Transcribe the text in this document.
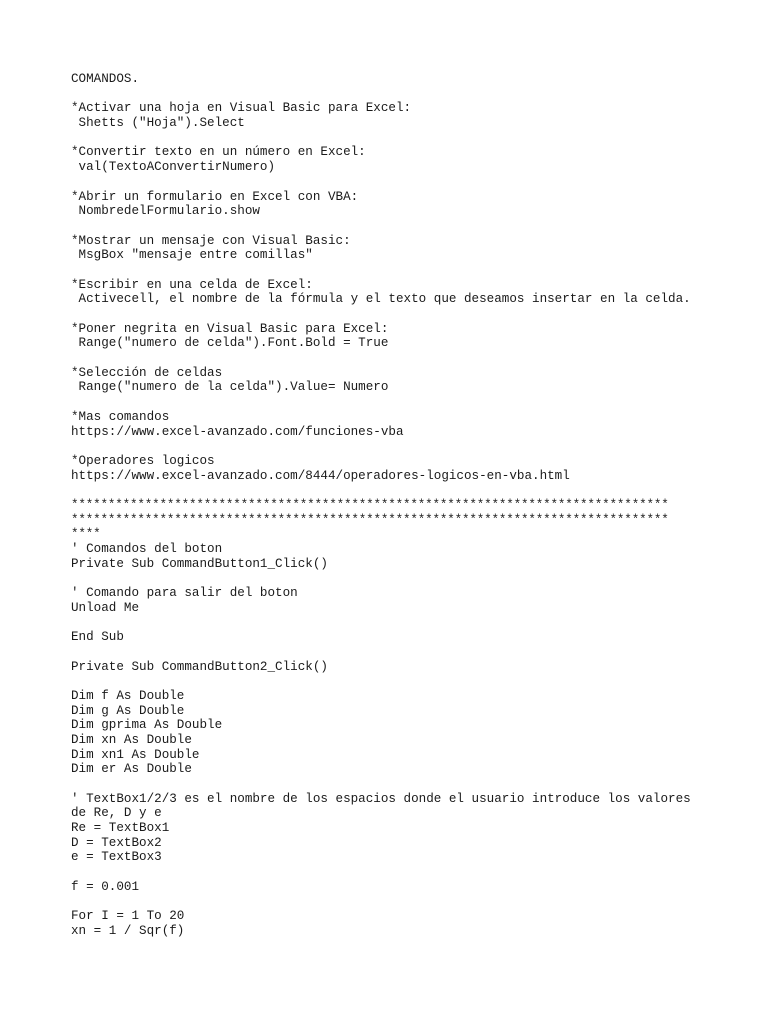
COMANDOS.
*Activar una hoja en Visual Basic para Excel:
Shetts ("Hoja").Select
*Convertir texto en un número en Excel:
val(TextoAConvertirNumero)
*Abrir un formulario en Excel con VBA:
NombredelFormulario.show
*Mostrar un mensaje con Visual Basic:
MsgBox "mensaje entre comillas"
*Escribir en una celda de Excel:
Activecell, el nombre de la fórmula y el texto que deseamos insertar en la celda.
*Poner negrita en Visual Basic para Excel:
Range("numero de celda").Font.Bold = True
*Selección de celdas
Range("numero de la celda").Value= Numero
*Mas comandos
https://www.excel-avanzado.com/funciones-vba
*Operadores logicos
https://www.excel-avanzado.com/8444/operadores-logicos-en-vba.html
*********************************************************************************
*********************************************************************************
****
' Comandos del boton
Private Sub CommandButton1_Click()
' Comando para salir del boton
Unload Me
End Sub
Private Sub CommandButton2_Click()
Dim f As Double
Dim g As Double
Dim gprima As Double
Dim xn As Double
Dim xn1 As Double
Dim er As Double
' TextBox1/2/3 es el nombre de los espacios donde el usuario introduce los valores
de Re, D y e
Re = TextBox1
D = TextBox2
e = TextBox3
f = 0.001
For I = 1 To 20
xn = 1 / Sqr(f)
